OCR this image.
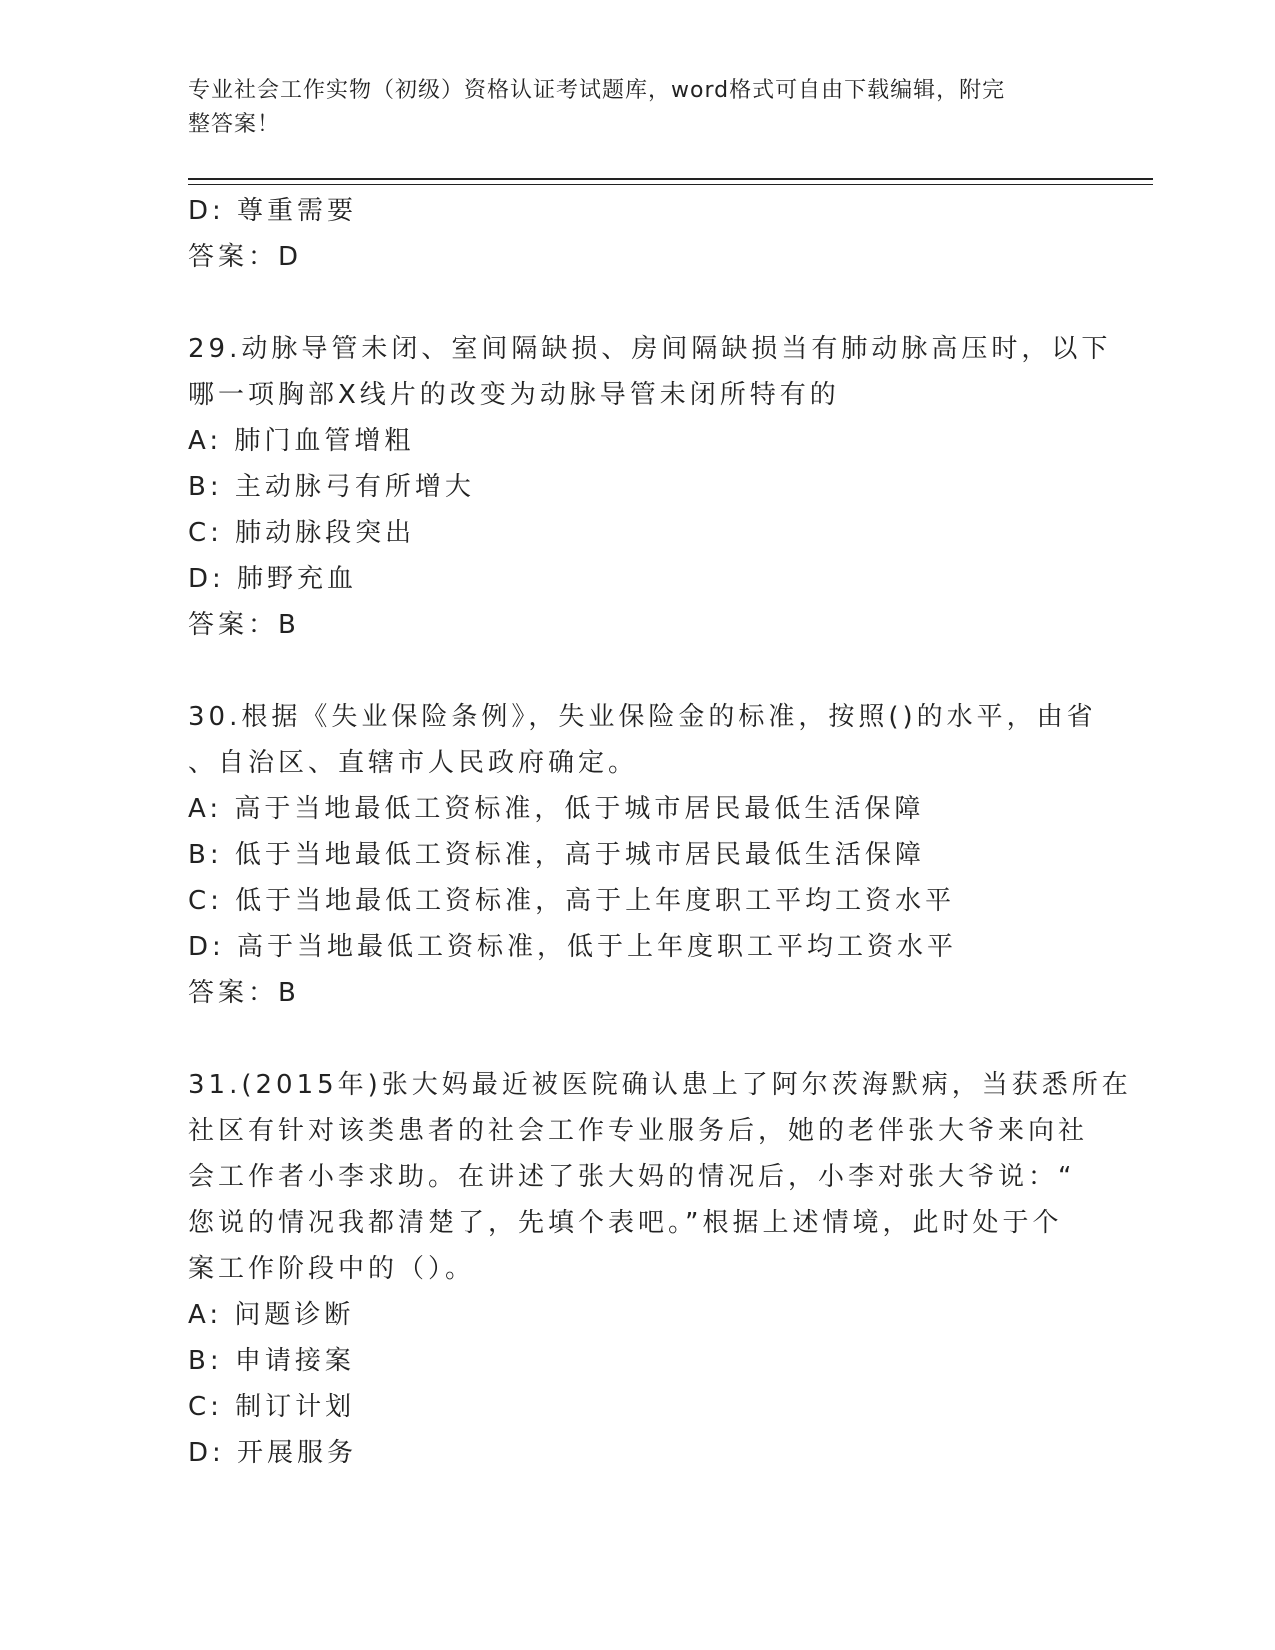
专业社会工作实物（初级）资格认证考试题库，word格式可自由下载编辑，附完
整答案！
D: 尊重需要
答案：D
29.动脉导管未闭、室间隔缺损、房间隔缺损当有肺动脉高压时，以下
哪一项胸部X线片的改变为动脉导管未闭所特有的
A: 肺门血管增粗
B: 主动脉弓有所增大
C: 肺动脉段突出
D: 肺野充血
答案：B
30.根据《失业保险条例》，失业保险金的标准，按照()的水平，由省
、自治区、直辖市人民政府确定。
A: 高于当地最低工资标准，低于城市居民最低生活保障
B: 低于当地最低工资标准，高于城市居民最低生活保障
C: 低于当地最低工资标准，高于上年度职工平均工资水平
D: 高于当地最低工资标准，低于上年度职工平均工资水平
答案：B
31.(2015年)张大妈最近被医院确认患上了阿尔茨海默病，当获悉所在
社区有针对该类患者的社会工作专业服务后，她的老伴张大爷来向社
会工作者小李求助。在讲述了张大妈的情况后，小李对张大爷说：“
您说的情况我都清楚了，先填个表吧。”根据上述情境，此时处于个
案工作阶段中的（）。
A: 问题诊断
B: 申请接案
C: 制订计划
D: 开展服务
